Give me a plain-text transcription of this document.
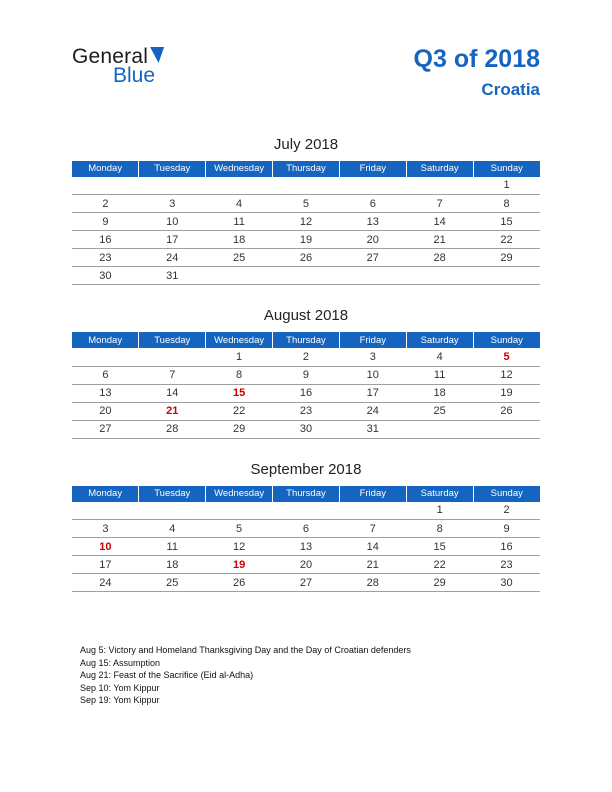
General
Blue
Q3 of 2018
Croatia
July 2018
Monday	Tuesday	Wednesday	Thursday	Friday	Saturday	Sunday
						1
2	3	4	5	6	7	8
9	10	11	12	13	14	15
16	17	18	19	20	21	22
23	24	25	26	27	28	29
30	31					
August 2018
Monday	Tuesday	Wednesday	Thursday	Friday	Saturday	Sunday
		1	2	3	4	5
6	7	8	9	10	11	12
13	14	15	16	17	18	19
20	21	22	23	24	25	26
27	28	29	30	31		
September 2018
Monday	Tuesday	Wednesday	Thursday	Friday	Saturday	Sunday
					1	2
3	4	5	6	7	8	9
10	11	12	13	14	15	16
17	18	19	20	21	22	23
24	25	26	27	28	29	30
Aug 5: Victory and Homeland Thanksgiving Day and the Day of Croatian defenders
Aug 15: Assumption
Aug 21: Feast of the Sacrifice (Eid al-Adha)
Sep 10: Yom Kippur
Sep 19: Yom Kippur
